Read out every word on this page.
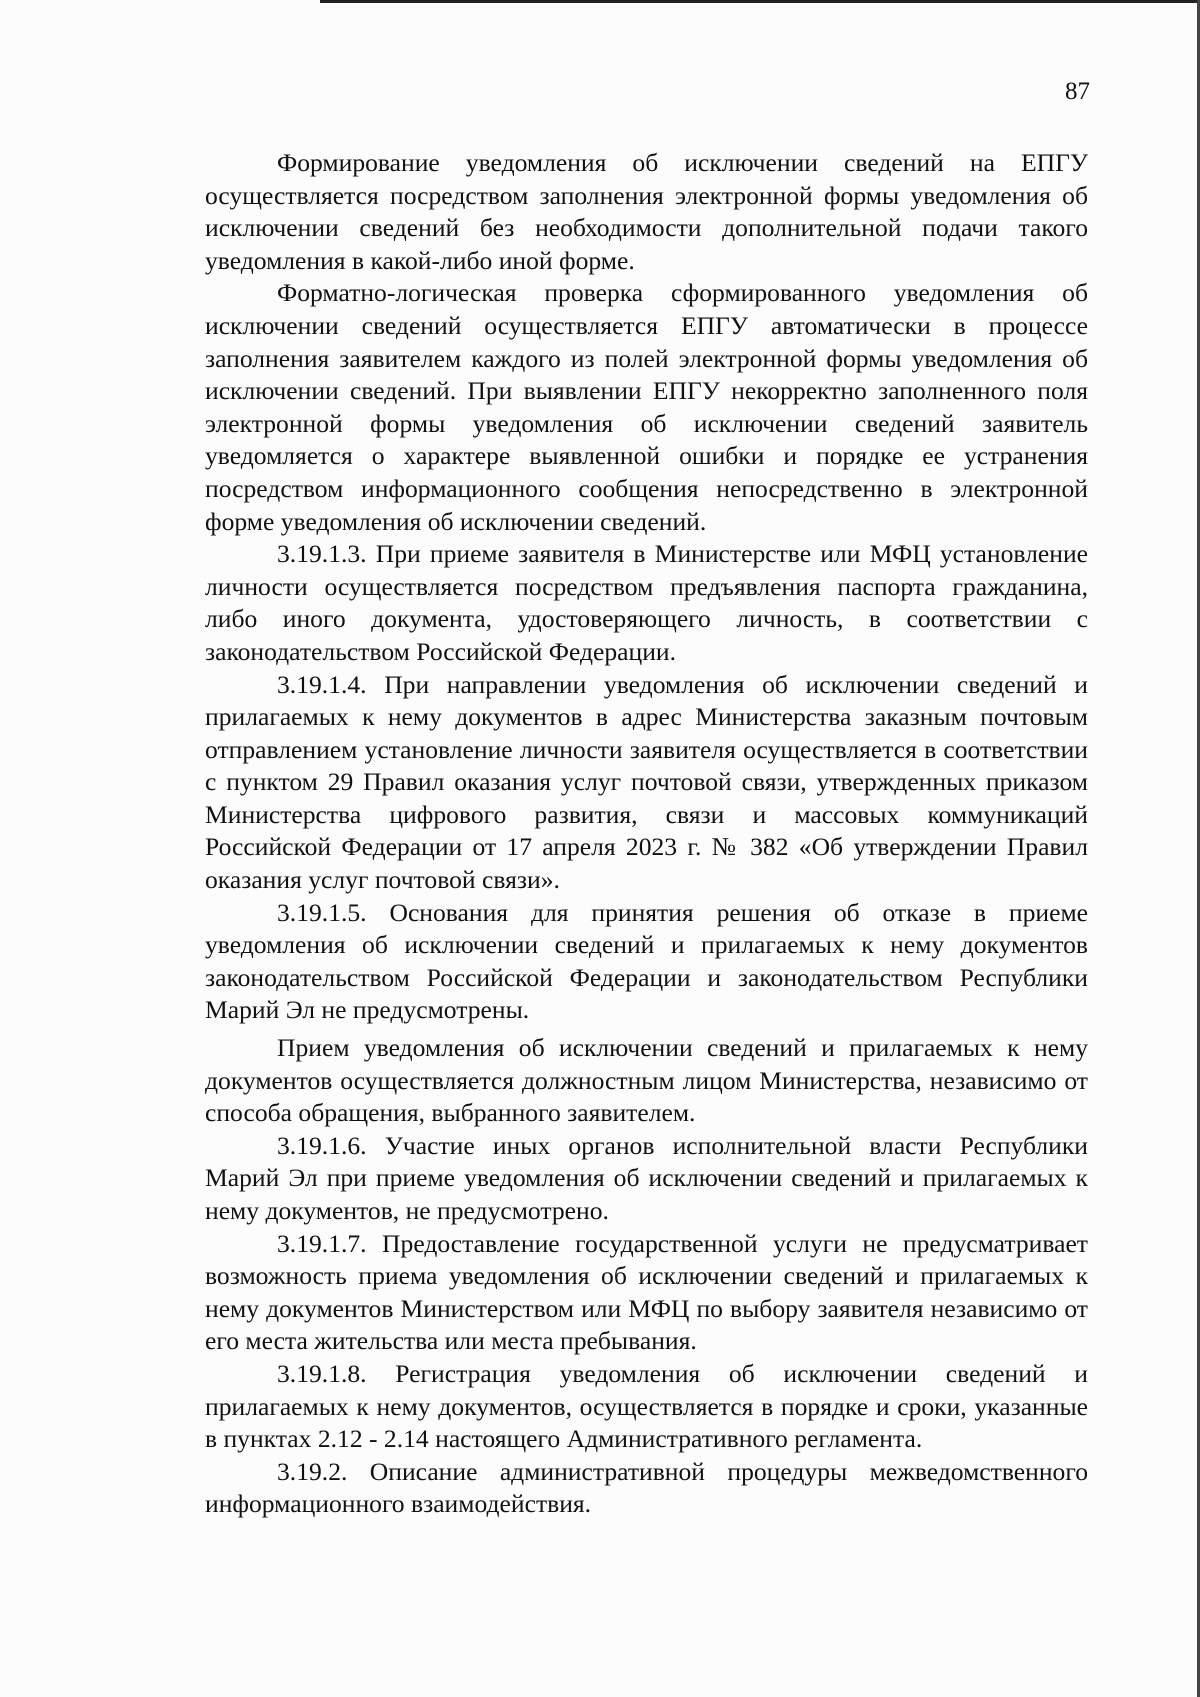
87

Формирование уведомления об исключении сведений на ЕПГУ осуществляется посредством заполнения электронной формы уведомления об исключении сведений без необходимости дополнительной подачи такого уведомления в какой-либо иной форме.

Форматно-логическая проверка сформированного уведомления об исключении сведений осуществляется ЕПГУ автоматически в процессе заполнения заявителем каждого из полей электронной формы уведомления об исключении сведений. При выявлении ЕПГУ некорректно заполненного поля электронной формы уведомления об исключении сведений заявитель уведомляется о характере выявленной ошибки и порядке ее устранения посредством информационного сообщения непосредственно в электронной форме уведомления об исключении сведений.

3.19.1.3. При приеме заявителя в Министерстве или МФЦ установление личности осуществляется посредством предъявления паспорта гражданина, либо иного документа, удостоверяющего личность, в соответствии с законодательством Российской Федерации.

3.19.1.4. При направлении уведомления об исключении сведений и прилагаемых к нему документов в адрес Министерства заказным почтовым отправлением установление личности заявителя осуществляется в соответствии с пунктом 29 Правил оказания услуг почтовой связи, утвержденных приказом Министерства цифрового развития, связи и массовых коммуникаций Российской Федерации от 17 апреля 2023 г. № 382 «Об утверждении Правил оказания услуг почтовой связи».

3.19.1.5. Основания для принятия решения об отказе в приеме уведомления об исключении сведений и прилагаемых к нему документов законодательством Российской Федерации и законодательством Республики Марий Эл не предусмотрены.

Прием уведомления об исключении сведений и прилагаемых к нему документов осуществляется должностным лицом Министерства, независимо от способа обращения, выбранного заявителем.

3.19.1.6. Участие иных органов исполнительной власти Республики Марий Эл при приеме уведомления об исключении сведений и прилагаемых к нему документов, не предусмотрено.

3.19.1.7. Предоставление государственной услуги не предусматривает возможность приема уведомления об исключении сведений и прилагаемых к нему документов Министерством или МФЦ по выбору заявителя независимо от его места жительства или места пребывания.

3.19.1.8. Регистрация уведомления об исключении сведений и прилагаемых к нему документов, осуществляется в порядке и сроки, указанные в пунктах 2.12 - 2.14 настоящего Административного регламента.

3.19.2. Описание административной процедуры межведомственного информационного взаимодействия.
